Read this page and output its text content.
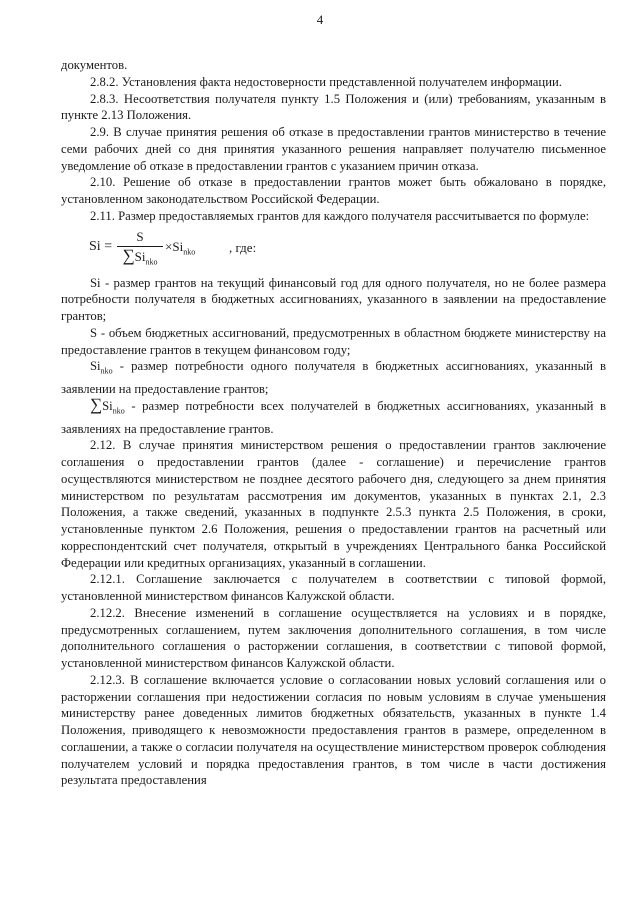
4

документов.

2.8.2. Установления факта недостоверности представленной получателем информации.

2.8.3. Несоответствия получателя пункту 1.5 Положения и (или) требованиям, указанным в пункте 2.13 Положения.

2.9. В случае принятия решения об отказе в предоставлении грантов министерство в течение семи рабочих дней со дня принятия указанного решения направляет получателю письменное уведомление об отказе в предоставлении грантов с указанием причин отказа.

2.10. Решение об отказе в предоставлении грантов может быть обжаловано в порядке, установленном законодательством Российской Федерации.

2.11. Размер предоставляемых грантов для каждого получателя рассчитывается по формуле:

Si =
S
$\sum Si_{nko}$
$\times Si_{nko}$	, где:

Si - размер грантов на текущий финансовый год для одного получателя, но не более размера потребности получателя в бюджетных ассигнованиях, указанного в заявлении на предоставление грантов;

S - объем бюджетных ассигнований, предусмотренных в областном бюджете министерству на предоставление грантов в текущем финансовом году;

$Si_{nko}$ - размер потребности одного получателя в бюджетных ассигнованиях, указанный в заявлении на предоставление грантов;

$\sum Si_{nko}$ - размер потребности всех получателей в бюджетных ассигнованиях, указанный в заявлениях на предоставление грантов.

2.12. В случае принятия министерством решения о предоставлении грантов заключение соглашения о предоставлении грантов (далее - соглашение) и перечисление грантов осуществляются министерством не позднее десятого рабочего дня, следующего за днем принятия министерством по результатам рассмотрения им документов, указанных в пунктах 2.1, 2.3 Положения, а также сведений, указанных в подпункте 2.5.3 пункта 2.5 Положения, в сроки, установленные пунктом 2.6 Положения, решения о предоставлении грантов на расчетный или корреспондентский счет получателя, открытый в учреждениях Центрального банка Российской Федерации или кредитных организациях, указанный в соглашении.

2.12.1. Соглашение заключается с получателем в соответствии с типовой формой, установленной министерством финансов Калужской области.

2.12.2. Внесение изменений в соглашение осуществляется на условиях и в порядке, предусмотренных соглашением, путем заключения дополнительного соглашения, в том числе дополнительного соглашения о расторжении соглашения, в соответствии с типовой формой, установленной министерством финансов Калужской области.

2.12.3. В соглашение включается условие о согласовании новых условий соглашения или о расторжении соглашения при недостижении согласия по новым условиям в случае уменьшения министерству ранее доведенных лимитов бюджетных обязательств, указанных в пункте 1.4 Положения, приводящего к невозможности предоставления грантов в размере, определенном в соглашении, а также о согласии получателя на осуществление министерством проверок соблюдения получателем условий и порядка предоставления грантов, в том числе в части достижения результата предоставления
